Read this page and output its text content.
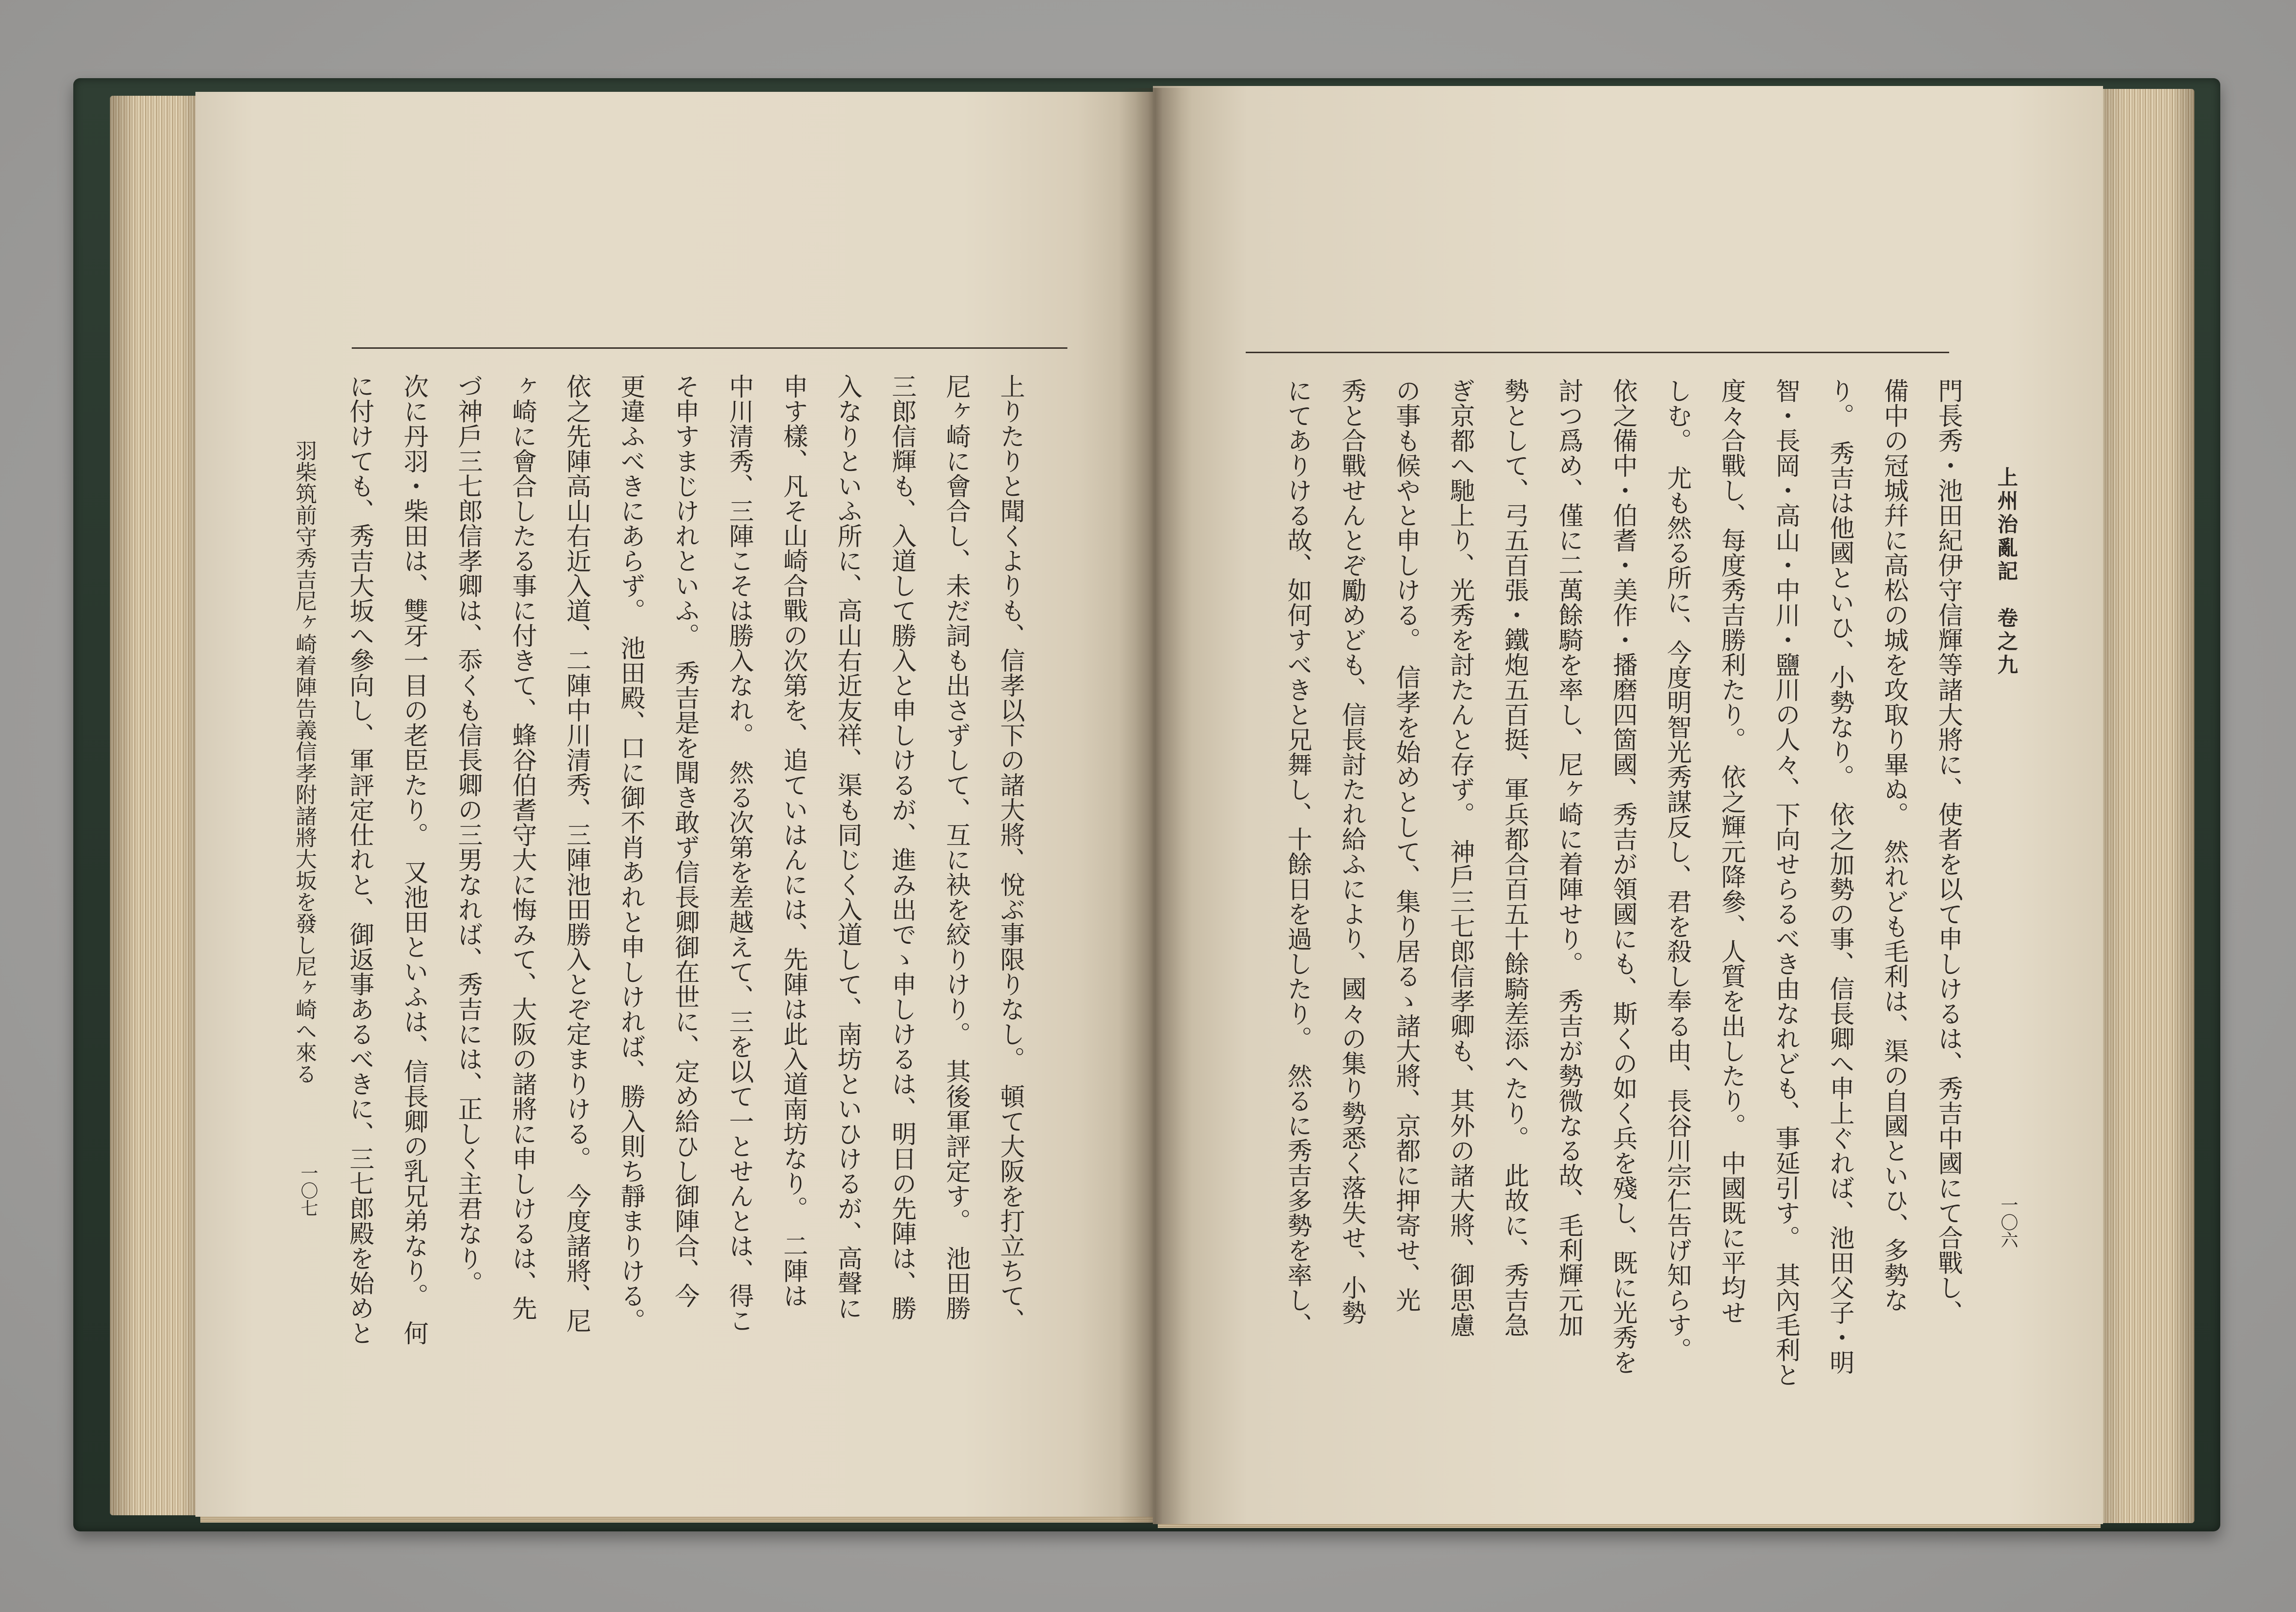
上りたりと聞くよりも、信孝以下の諸大將、悅ぶ事限りなし。　頓て大阪を打立ちて、
尼ヶ崎に會合し、未だ詞も出さずして、互に袂を絞りけり。　其後軍評定す。　池田勝
三郎信輝も、入道して勝入と申しけるが、進み出でゝ申しけるは、明日の先陣は、勝
入なりといふ所に、高山右近友祥、渠も同じく入道して、南坊といひけるが、高聲に
申す樣、凡そ山崎合戰の次第を、追ていはんには、先陣は此入道南坊なり。　二陣は
中川清秀、三陣こそは勝入なれ。　然る次第を差越えて、三を以て一とせんとは、得こ
そ申すまじけれといふ。　秀吉是を聞き敢ず信長卿御在世に、定め給ひし御陣合、今
更違ふべきにあらず。　池田殿、口に御不肖あれと申しければ、勝入則ち靜まりける。
依之先陣高山右近入道、二陣中川清秀、三陣池田勝入とぞ定まりける。　今度諸將、尼
ヶ崎に會合したる事に付きて、蜂谷伯耆守大に悔みて、大阪の諸將に申しけるは、先
づ神戶三七郎信孝卿は、忝くも信長卿の三男なれば、秀吉には、正しく主君なり。
次に丹羽・柴田は、雙牙一目の老臣たり。　又池田といふは、信長卿の乳兄弟なり。　何
に付けても、秀吉大坂へ參向し、軍評定仕れと、御返事あるべきに、三七郎殿を始めと
羽柴筑前守秀吉尼ヶ崎着陣告義信孝附諸將大坂を發し尼ヶ崎へ來る
一〇七
上州治亂記　卷之九
門長秀・池田紀伊守信輝等諸大將に、使者を以て申しけるは、秀吉中國にて合戰し、
備中の冠城幷に高松の城を攻取り畢ぬ。　然れども毛利は、渠の自國といひ、多勢な
り。　秀吉は他國といひ、小勢なり。　依之加勢の事、信長卿へ申上ぐれば、池田父子・明
智・長岡・高山・中川・鹽川の人々、下向せらるべき由なれども、事延引す。　其內毛利と
度々合戰し、每度秀吉勝利たり。　依之輝元降參、人質を出したり。　中國既に平均せ
しむ。　尤も然る所に、今度明智光秀謀反し、君を殺し奉る由、長谷川宗仁告げ知らす。
依之備中・伯耆・美作・播磨四箇國、秀吉が領國にも、斯くの如く兵を殘し、既に光秀を
討つ爲め、僅に二萬餘騎を率し、尼ヶ崎に着陣せり。　秀吉が勢微なる故、毛利輝元加
勢として、弓五百張・鐵炮五百挺、軍兵都合百五十餘騎差添へたり。　此故に、秀吉急
ぎ京都へ馳上り、光秀を討たんと存ず。　神戶三七郎信孝卿も、其外の諸大將、御思慮
の事も候やと申しける。　信孝を始めとして、集り居るゝ諸大將、京都に押寄せ、光
秀と合戰せんとぞ勵めども、信長討たれ給ふにより、國々の集り勢悉く落失せ、小勢
にてありける故、如何すべきと兄舞し、十餘日を過したり。　然るに秀吉多勢を率し、	一〇六
